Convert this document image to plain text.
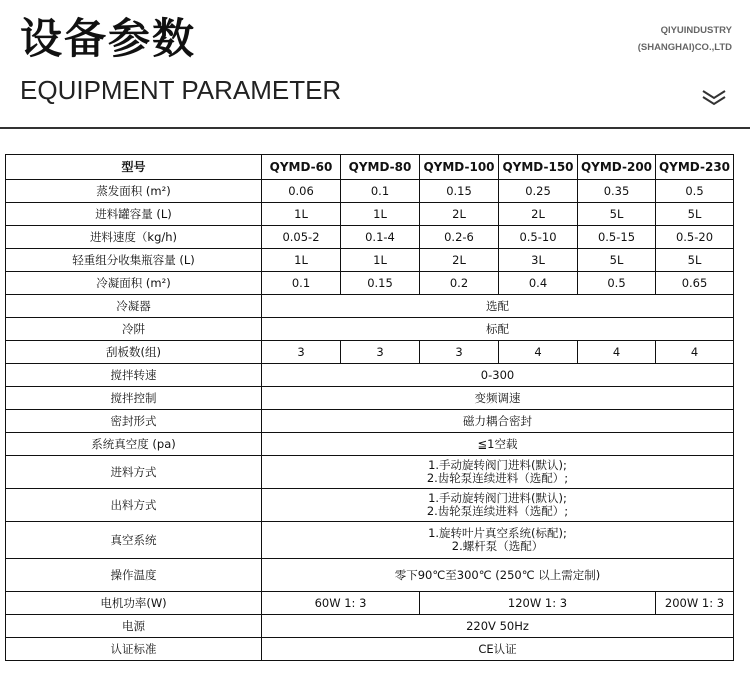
设备参数
EQUIPMENT PARAMETER
QIYUINDUSTRY
(SHANGHAI)CO.,LTD
型号	QYMD-60	QYMD-80	QYMD-100	QYMD-150	QYMD-200	QYMD-230
蒸发面积 (m²)	0.06	0.1	0.15	0.25	0.35	0.5
进料罐容量 (L)	1L	1L	2L	2L	5L	5L
进料速度（kg/h)	0.05-2	0.1-4	0.2-6	0.5-10	0.5-15	0.5-20
轻重组分收集瓶容量 (L)	1L	1L	2L	3L	5L	5L
冷凝面积 (m²)	0.1	0.15	0.2	0.4	0.5	0.65
冷凝器	选配					
冷阱	标配					
刮板数(组)	3	3	3	4	4	4
搅拌转速	0-300					
搅拌控制	变频调速					
密封形式	磁力耦合密封					
系统真空度 (pa)	≦1空载					
进料方式	1.手动旋转阀门进料(默认);
2.齿轮泵连续进料（选配）;					

出料方式	1.手动旋转阀门进料(默认);
2.齿轮泵连续进料（选配）;					

真空系统	1.旋转叶片真空系统(标配);
2.螺杆泵（选配）					

操作温度	零下90℃至300℃ (250℃ 以上需定制)					
电机功率(W)	60W 1: 3		120W 1: 3			200W 1: 3
电源	220V 50Hz					
认证标准	CE认证					
